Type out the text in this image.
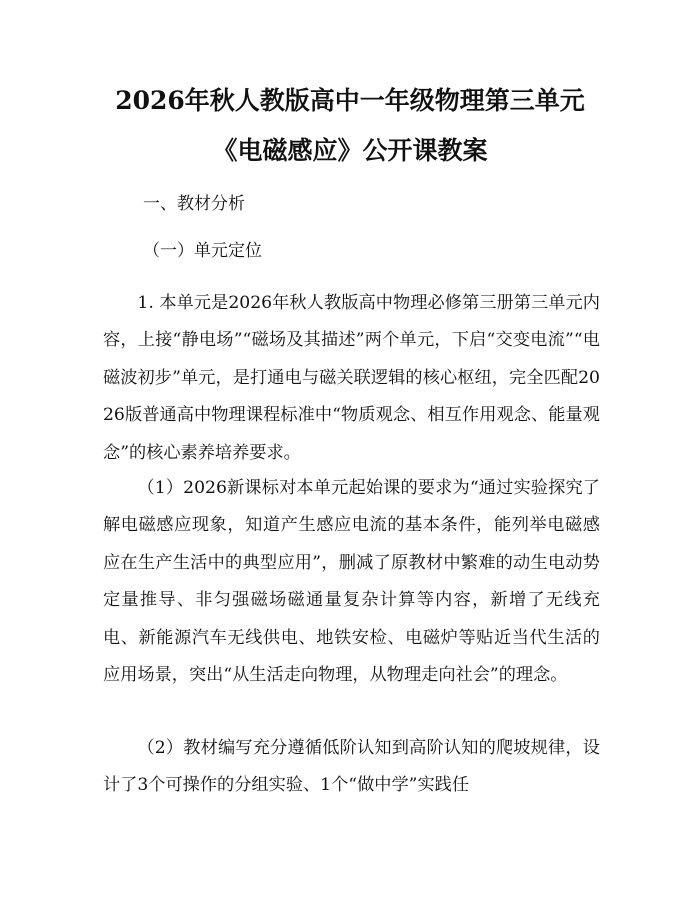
2026年秋人教版高中一年级物理第三单元
《电磁感应》公开课教案
一、教材分析
（一）单元定位

1. 本单元是2026年秋人教版高中物理必修第三册第三单元内容，上接“静电场”“磁场及其描述”两个单元，下启“交变电流”“电磁波初步”单元，是打通电与磁关联逻辑的核心枢纽，完全匹配2026版普通高中物理课程标准中“物质观念、相互作用观念、能量观念”的核心素养培养要求。

（1）2026新课标对本单元起始课的要求为“通过实验探究了解电磁感应现象，知道产生感应电流的基本条件，能列举电磁感应在生产生活中的典型应用”，删减了原教材中繁难的动生电动势定量推导、非匀强磁场磁通量复杂计算等内容，新增了无线充电、新能源汽车无线供电、地铁安检、电磁炉等贴近当代生活的应用场景，突出“从生活走向物理，从物理走向社会”的理念。

（2）教材编写充分遵循低阶认知到高阶认知的爬坡规律，设计了3个可操作的分组实验、1个“做中学”实践任
